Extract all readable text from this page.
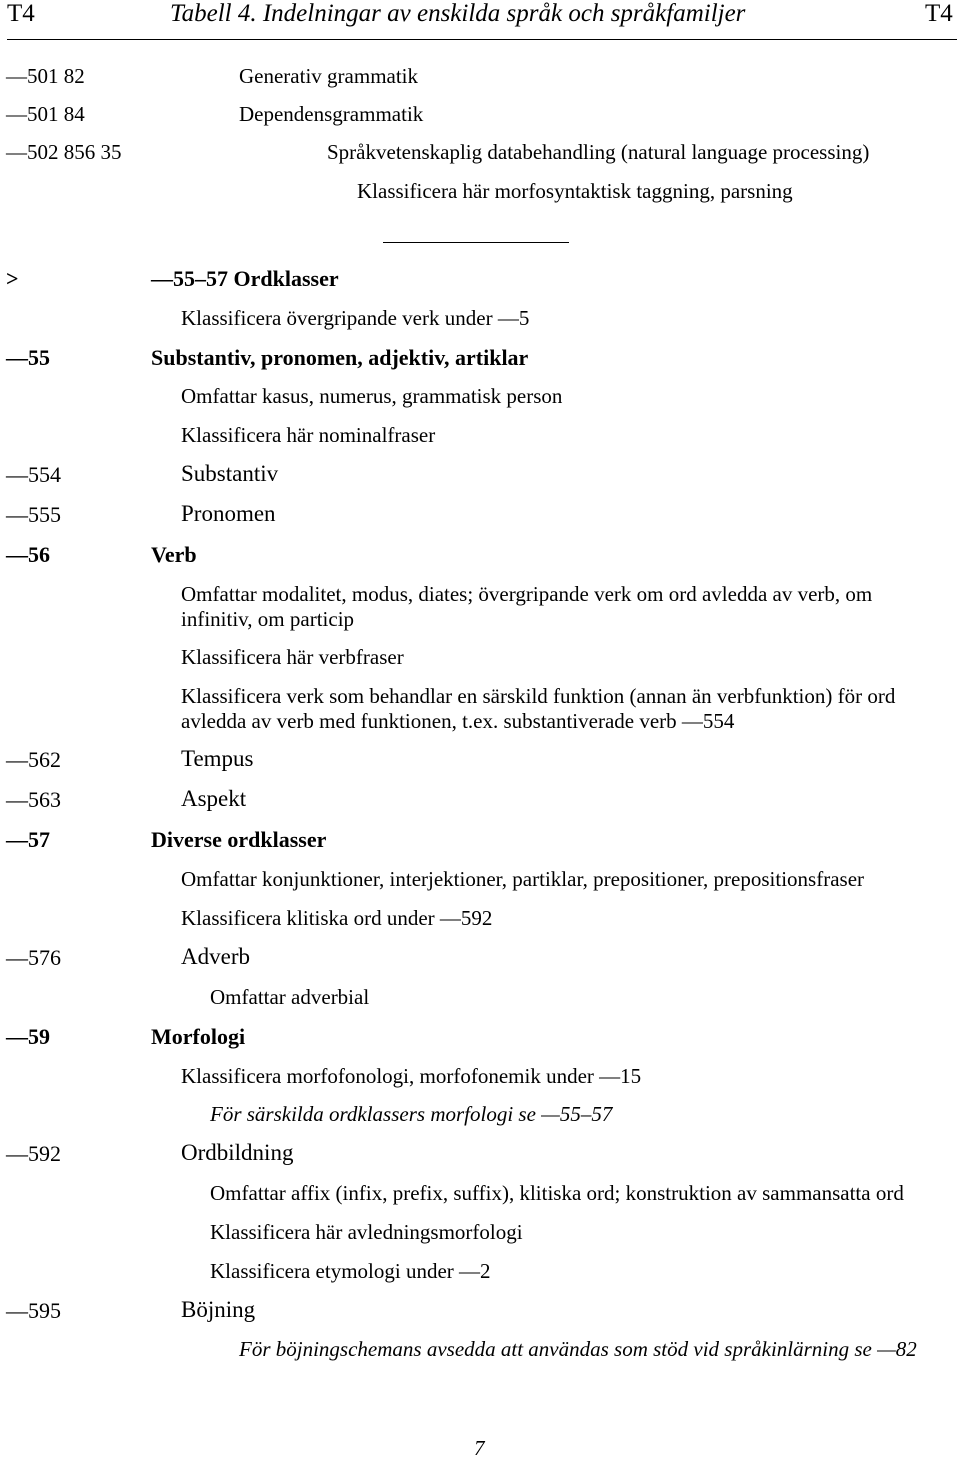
T4	Tabell 4. Indelningar av enskilda språk och språkfamiljer	T4
—501 82	Generativ grammatik
—501 84	Dependensgrammatik
—502 856 35	Språkvetenskaplig databehandling (natural language processing)
Klassificera här morfosyntaktisk taggning, parsning
>	—55–57 Ordklasser
Klassificera övergripande verk under —5
—55	Substantiv, pronomen, adjektiv, artiklar
Omfattar kasus, numerus, grammatisk person
Klassificera här nominalfraser
—554	Substantiv
—555	Pronomen
—56	Verb
Omfattar modalitet, modus, diates; övergripande verk om ord avledda av verb, om infinitiv, om particip
Klassificera här verbfraser
Klassificera verk som behandlar en särskild funktion (annan än verbfunktion) för ord avledda av verb med funktionen, t.ex. substantiverade verb —554
—562	Tempus
—563	Aspekt
—57	Diverse ordklasser
Omfattar konjunktioner, interjektioner, partiklar, prepositioner, prepositionsfraser
Klassificera klitiska ord under —592
—576	Adverb
Omfattar adverbial
—59	Morfologi
Klassificera morfofonologi, morfofonemik under —15
För särskilda ordklassers morfologi se —55–57
—592	Ordbildning
Omfattar affix (infix, prefix, suffix), klitiska ord; konstruktion av sammansatta ord
Klassificera här avledningsmorfologi
Klassificera etymologi under —2
—595	Böjning
För böjningschemans avsedda att användas som stöd vid språkinlärning se —82
7
